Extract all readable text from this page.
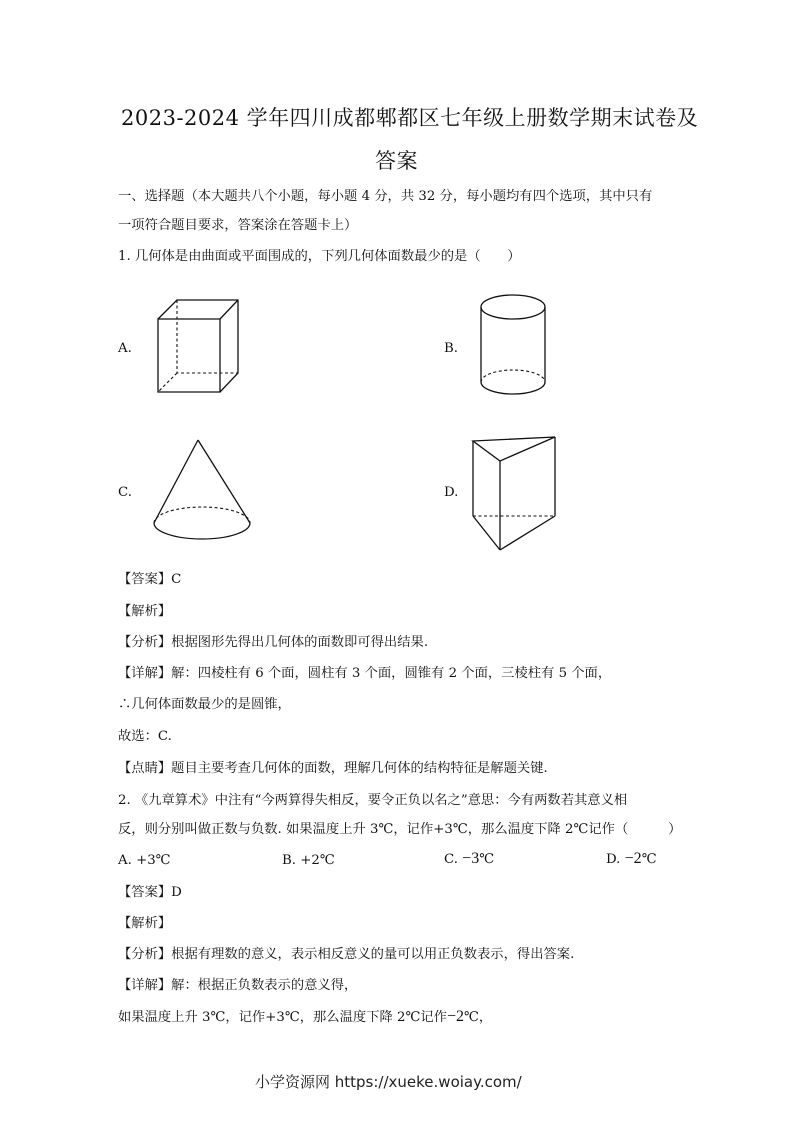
2023-2024 学年四川成都郫都区七年级上册数学期末试卷及
答案
一、选择题（本大题共八个小题，每小题 4 分，共 32 分，每小题均有四个选项，其中只有
一项符合题目要求，答案涂在答题卡上）
1. 几何体是由曲面或平面围成的，下列几何体面数最少的是（　　）
A.	B.
C.	D.
【答案】C
【解析】
【分析】根据图形先得出几何体的面数即可得出结果.
【详解】解：四棱柱有 6 个面，圆柱有 3 个面，圆锥有 2 个面，三棱柱有 5 个面，
∴几何体面数最少的是圆锥，
故选：C.
【点睛】题目主要考查几何体的面数，理解几何体的结构特征是解题关键.
2. 《九章算术》中注有“今两算得失相反，要令正负以名之”意思：今有两数若其意义相
反，则分别叫做正数与负数. 如果温度上升 3℃，记作+3℃，那么温度下降 2℃记作（　　　）
A. +3℃	B. +2℃	C. −3℃	D. −2℃
【答案】D
【解析】
【分析】根据有理数的意义，表示相反意义的量可以用正负数表示，得出答案.
【详解】解：根据正负数表示的意义得，
如果温度上升 3℃，记作+3℃，那么温度下降 2℃记作−2℃，
小学资源网 https://xueke.woiay.com/
